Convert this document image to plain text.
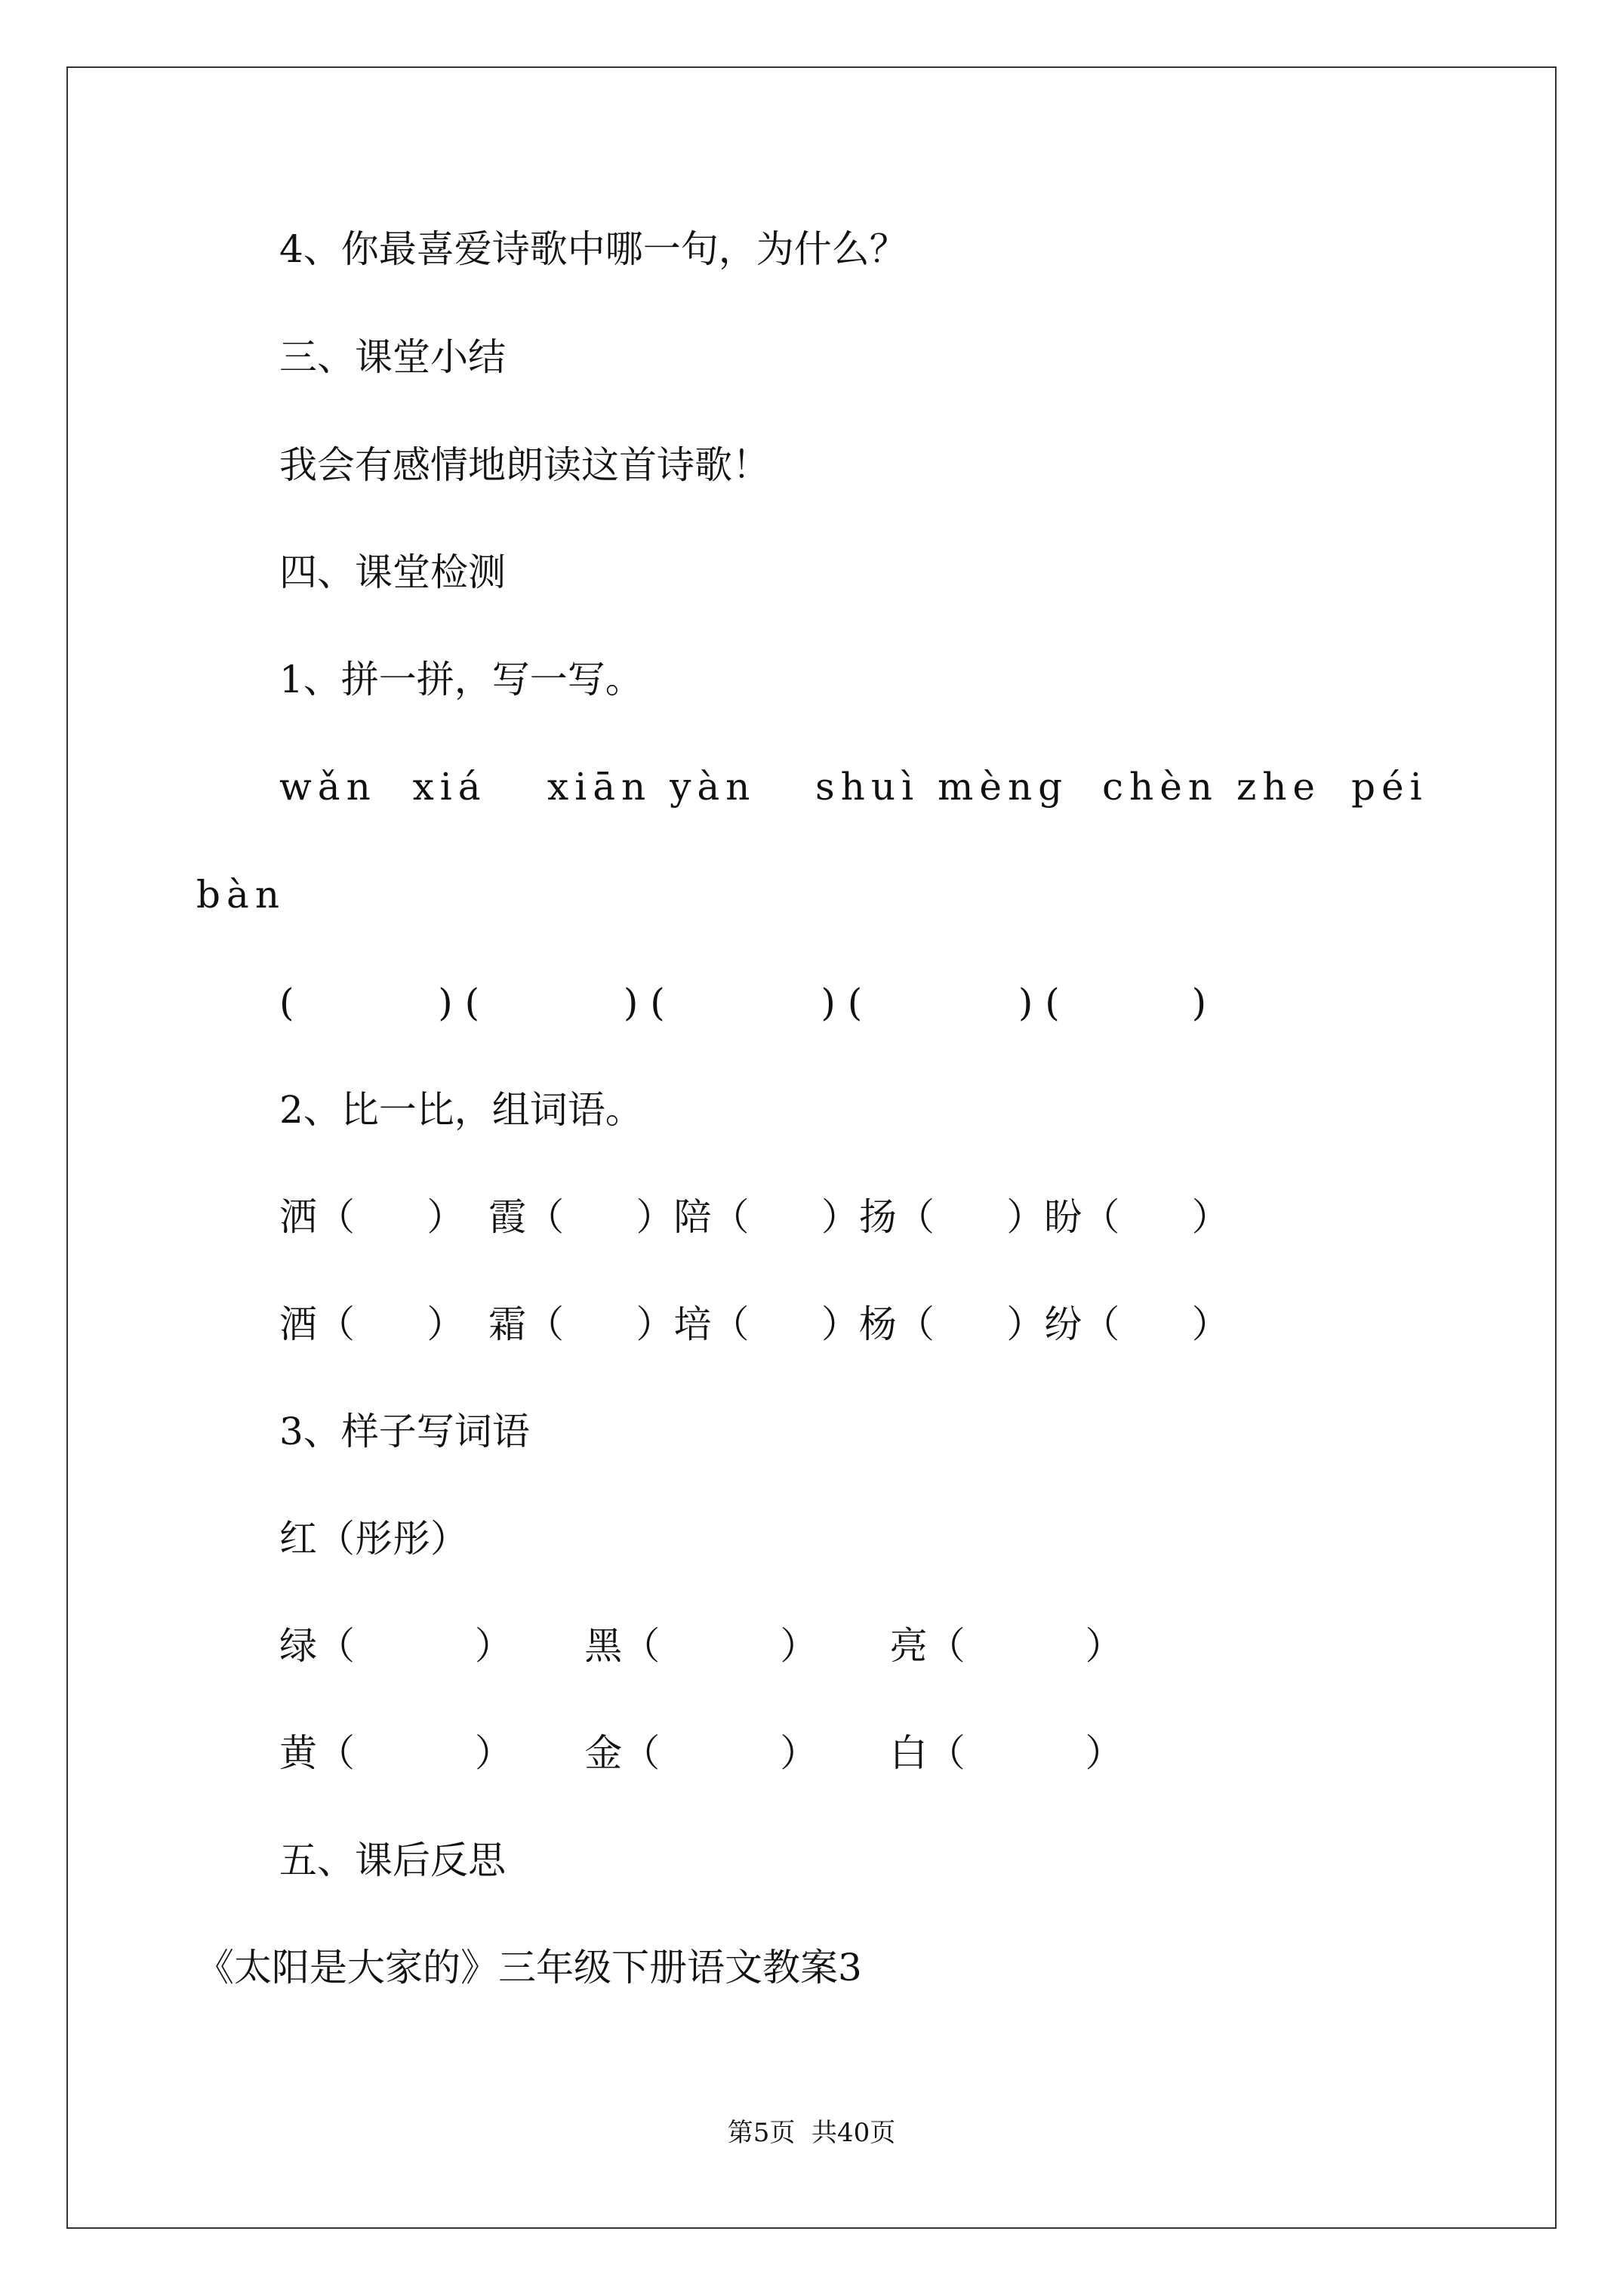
4、你最喜爱诗歌中哪一句，为什么？
三、课堂小结
我会有感情地朗读这首诗歌！
四、课堂检测
1、拼一拼，写一写。
wǎn  xiá xiān yàn shuì mèng chèn zhe péi
bàn
(            ) (            ) (             ) (             ) (           )
2、比一比，组词语。
洒（      ）  霞（      ）陪（      ）扬（      ）盼（      ）
酒（      ）  霜（      ）培（      ）杨（      ）纷（      ）
3、样子写词语
红（彤彤）
绿（          ）      黑（          ）      亮（          ）
黄（          ）      金（          ）      白（          ）
五、课后反思
《太阳是大家的》三年级下册语文教案3
第5页  共40页
